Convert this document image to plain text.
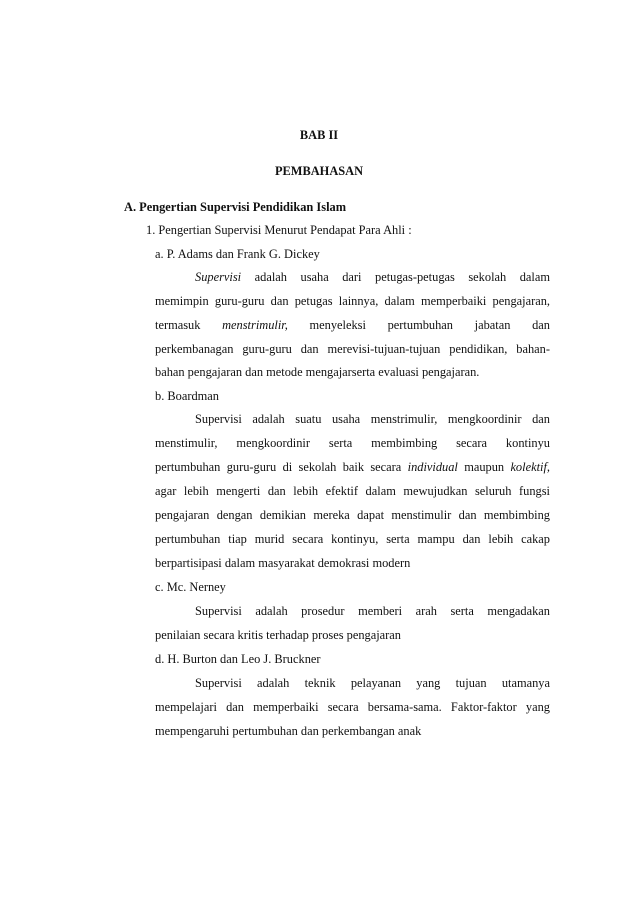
BAB II
PEMBAHASAN
A. Pengertian Supervisi Pendidikan Islam
1. Pengertian Supervisi Menurut Pendapat Para Ahli :
a. P. Adams dan Frank G. Dickey
Supervisi adalah usaha dari petugas-petugas sekolah dalam
memimpin guru-guru dan petugas lainnya, dalam memperbaiki pengajaran,
termasuk menstrimulir, menyeleksi pertumbuhan jabatan dan
perkembanagan guru-guru dan merevisi-tujuan-tujuan pendidikan, bahan-
bahan pengajaran dan metode mengajarserta evaluasi pengajaran.
b. Boardman
Supervisi adalah suatu usaha menstrimulir, mengkoordinir dan
menstimulir, mengkoordinir serta membimbing secara kontinyu
pertumbuhan guru-guru di sekolah baik secara individual maupun kolektif,
agar lebih mengerti dan lebih efektif dalam mewujudkan seluruh fungsi
pengajaran dengan demikian mereka dapat menstimulir dan membimbing
pertumbuhan tiap murid secara kontinyu, serta mampu dan lebih cakap
berpartisipasi dalam masyarakat demokrasi modern
c. Mc. Nerney
Supervisi adalah prosedur memberi arah serta mengadakan
penilaian secara kritis terhadap proses pengajaran
d. H. Burton dan Leo J. Bruckner
Supervisi adalah teknik pelayanan yang tujuan utamanya
mempelajari dan memperbaiki secara bersama-sama. Faktor-faktor yang
mempengaruhi pertumbuhan dan perkembangan anak
